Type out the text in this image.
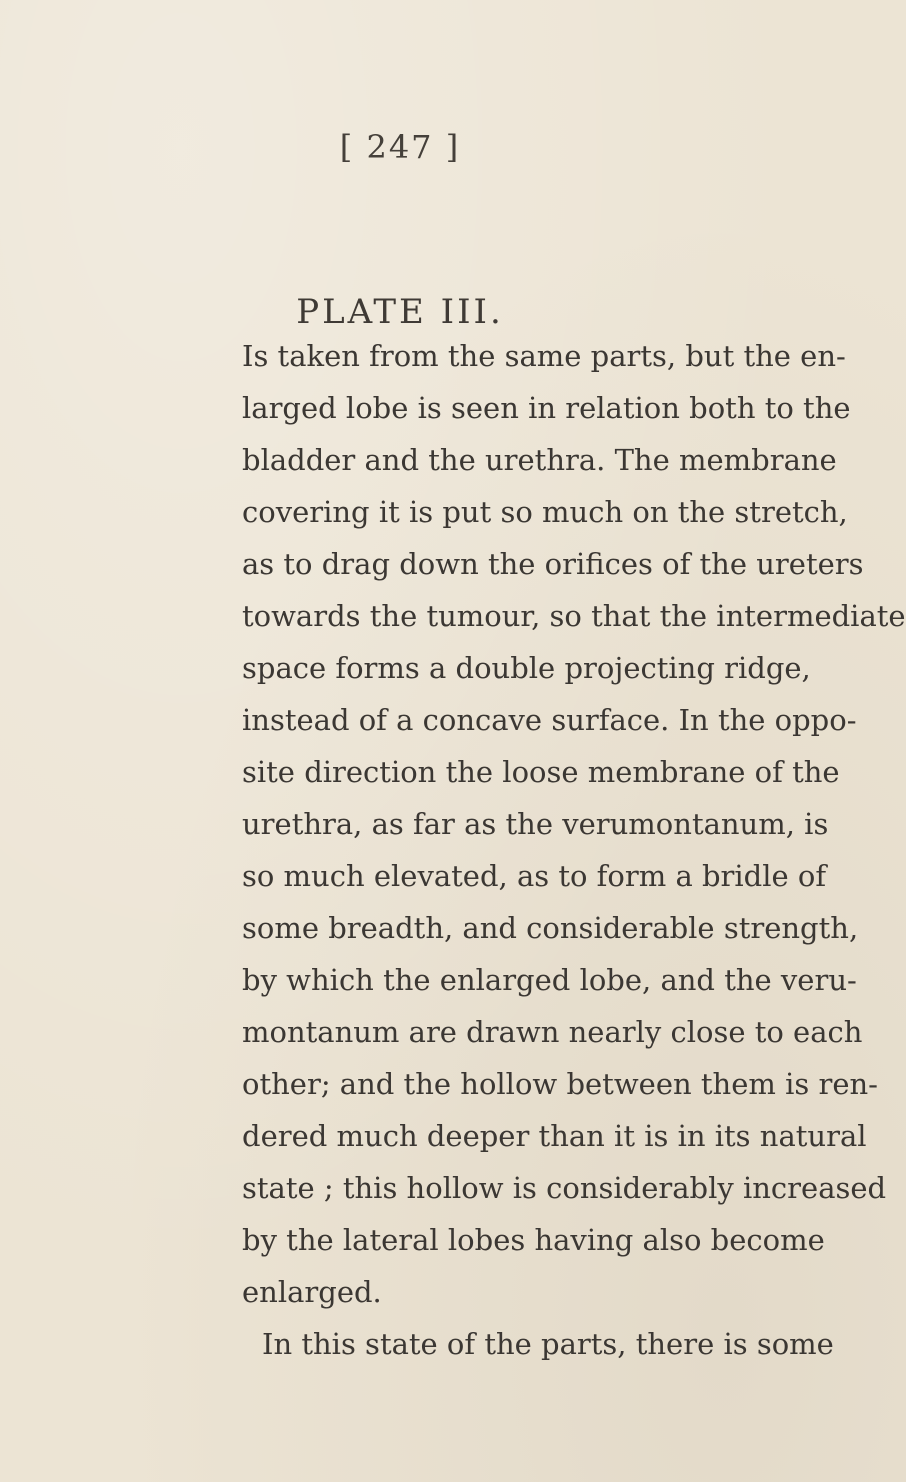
[ 247 ]
PLATE III.
Is taken from the same parts, but the en-
larged lobe is seen in relation both to the
bladder and the urethra. The membrane
covering it is put so much on the stretch,
as to drag down the orifices of the ureters
towards the tumour, so that the intermediate
space forms a double projecting ridge,
instead of a concave surface. In the oppo-
site direction the loose membrane of the
urethra, as far as the verumontanum, is
so much elevated, as to form a bridle of
some breadth, and considerable strength,
by which the enlarged lobe, and the veru-
montanum are drawn nearly close to each
other; and the hollow between them is ren-
dered much deeper than it is in its natural
state ; this hollow is considerably increased
by the lateral lobes having also become
enlarged.
In this state of the parts, there is some
